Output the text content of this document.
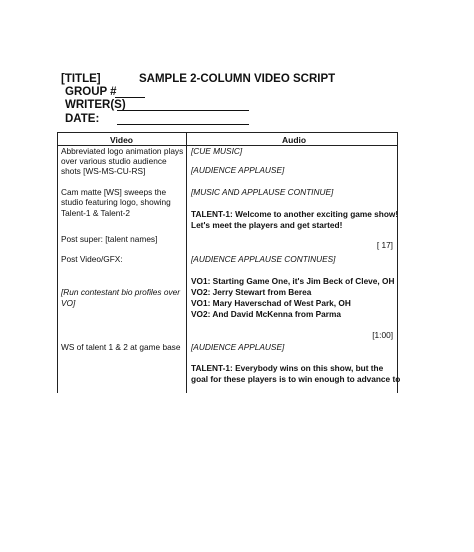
[TITLE]	SAMPLE 2-COLUMN VIDEO SCRIPT
GROUP #
WRITER(S)
DATE:
Video	Audio
Abbreviated logo animation plays
over various studio audience
shots [WS-MS-CU-RS]
Cam matte [WS] sweeps the
studio featuring logo, showing
Talent-1 & Talent-2
Post super: [talent names]
Post Video/GFX:
[Run contestant bio profiles over
VO]
WS of talent 1 & 2 at game base
[CUE MUSIC]
[AUDIENCE APPLAUSE]
[MUSIC AND APPLAUSE CONTINUE]
TALENT-1: Welcome to another exciting game show!
Let's meet the players and get started!
[ 17]
[AUDIENCE APPLAUSE CONTINUES]
VO1: Starting Game One, it's Jim Beck of Cleve, OH
VO2: Jerry Stewart from Berea
VO1: Mary Haverschad of West Park, OH
VO2: And David McKenna from Parma
[1:00]
[AUDIENCE APPLAUSE]
TALENT-1: Everybody wins on this show, but the
goal for these players is to win enough to advance to
